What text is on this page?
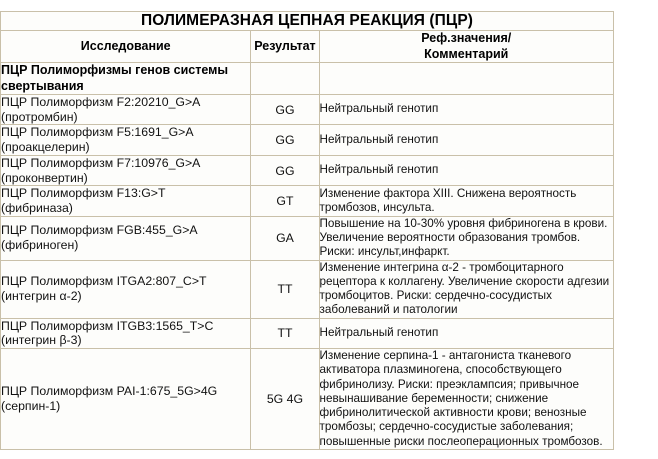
ПОЛИМЕРАЗНАЯ ЦЕПНАЯ РЕАКЦИЯ (ПЦР)		
Исследование	Результат	Реф.значения/
Комментарий
ПЦР Полиморфизмы генов системы свертывания		
ПЦР Полиморфизм F2:20210_G>A
(протромбин)	GG	Нейтральный генотип
ПЦР Полиморфизм F5:1691_G>A
(проакцелерин)	GG	Нейтральный генотип
ПЦР Полиморфизм F7:10976_G>A
(проконвертин)	GG	Нейтральный генотип
ПЦР Полиморфизм F13:G>T
(фибриназа)	GT	Изменение фактора XIII. Снижена вероятность тромбозов, инсульта.
ПЦР Полиморфизм FGB:455_G>A
(фибриноген)	GA	Повышение на 10-30% уровня фибриногена в крови. Увеличение вероятности образования тромбов. Риски: инсульт,инфаркт.
ПЦР Полиморфизм ITGA2:807_C>T
(интегрин α-2)	TT	Изменение интегрина α-2 - тромбоцитарного рецептора к коллагену. Увеличение скорости адгезии тромбоцитов. Риски: сердечно-сосудистых заболеваний и патологии
ПЦР Полиморфизм ITGB3:1565_T>C
(интегрин β-3)	TT	Нейтральный генотип
ПЦР Полиморфизм PAI-1:675_5G>4G
(серпин-1)	5G 4G	Изменение серпина-1 - антагониста тканевого активатора плазминогена, способствующего фибринолизу. Риски: преэклампсия; привычное невынашивание беременности; снижение фибринолитической активности крови; венозные тромбозы; сердечно-сосудистые заболевания; повышенные риски послеоперационных тромбозов.
